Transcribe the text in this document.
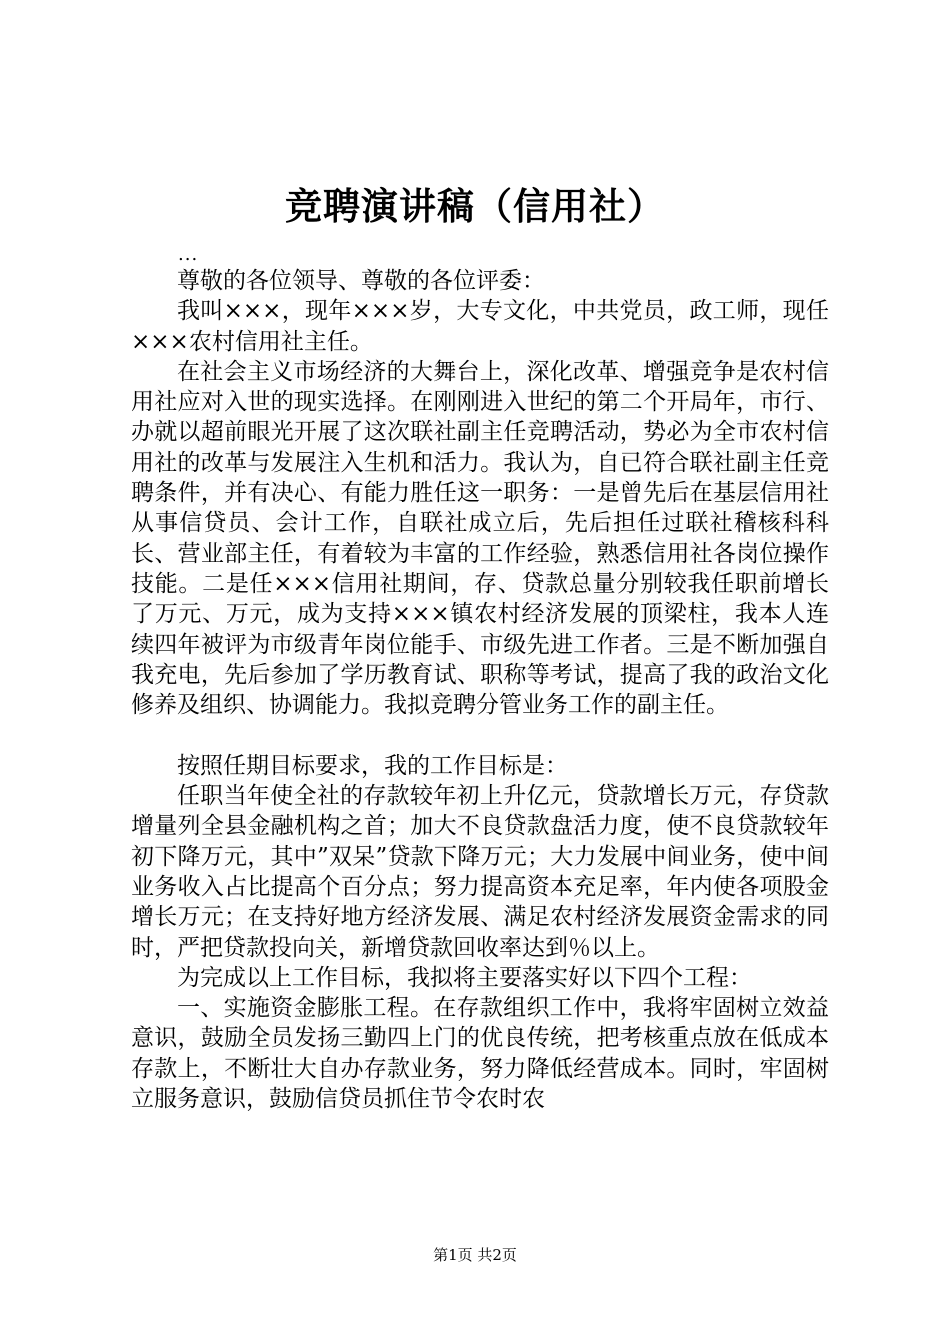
竞聘演讲稿（信用社）
...

尊敬的各位领导、尊敬的各位评委：

我叫×××，现年×××岁，大专文化，中共党员，政工师，现任×××农村信用社主任。

在社会主义市场经济的大舞台上，深化改革、增强竞争是农村信用社应对入世的现实选择。在刚刚进入世纪的第二个开局年，市行、办就以超前眼光开展了这次联社副主任竞聘活动，势必为全市农村信用社的改革与发展注入生机和活力。我认为，自已符合联社副主任竞聘条件，并有决心、有能力胜任这一职务：一是曾先后在基层信用社从事信贷员、会计工作，自联社成立后，先后担任过联社稽核科科长、营业部主任，有着较为丰富的工作经验，熟悉信用社各岗位操作技能。二是任×××信用社期间，存、贷款总量分别较我任职前增长了万元、万元，成为支持×××镇农村经济发展的顶梁柱，我本人连续四年被评为市级青年岗位能手、市级先进工作者。三是不断加强自我充电，先后参加了学历教育试、职称等考试，提高了我的政治文化修养及组织、协调能力。我拟竞聘分管业务工作的副主任。

按照任期目标要求，我的工作目标是：

任职当年使全社的存款较年初上升亿元，贷款增长万元，存贷款增量列全县金融机构之首；加大不良贷款盘活力度，使不良贷款较年初下降万元，其中”双呆”贷款下降万元；大力发展中间业务，使中间业务收入占比提高个百分点；努力提高资本充足率，年内使各项股金增长万元；在支持好地方经济发展、满足农村经济发展资金需求的同时，严把贷款投向关，新增贷款回收率达到％以上。

为完成以上工作目标，我拟将主要落实好以下四个工程：

一、实施资金膨胀工程。在存款组织工作中，我将牢固树立效益意识，鼓励全员发扬三勤四上门的优良传统，把考核重点放在低成本存款上，不断壮大自办存款业务，努力降低经营成本。同时，牢固树立服务意识，鼓励信贷员抓住节令农时农

第1页 共2页
